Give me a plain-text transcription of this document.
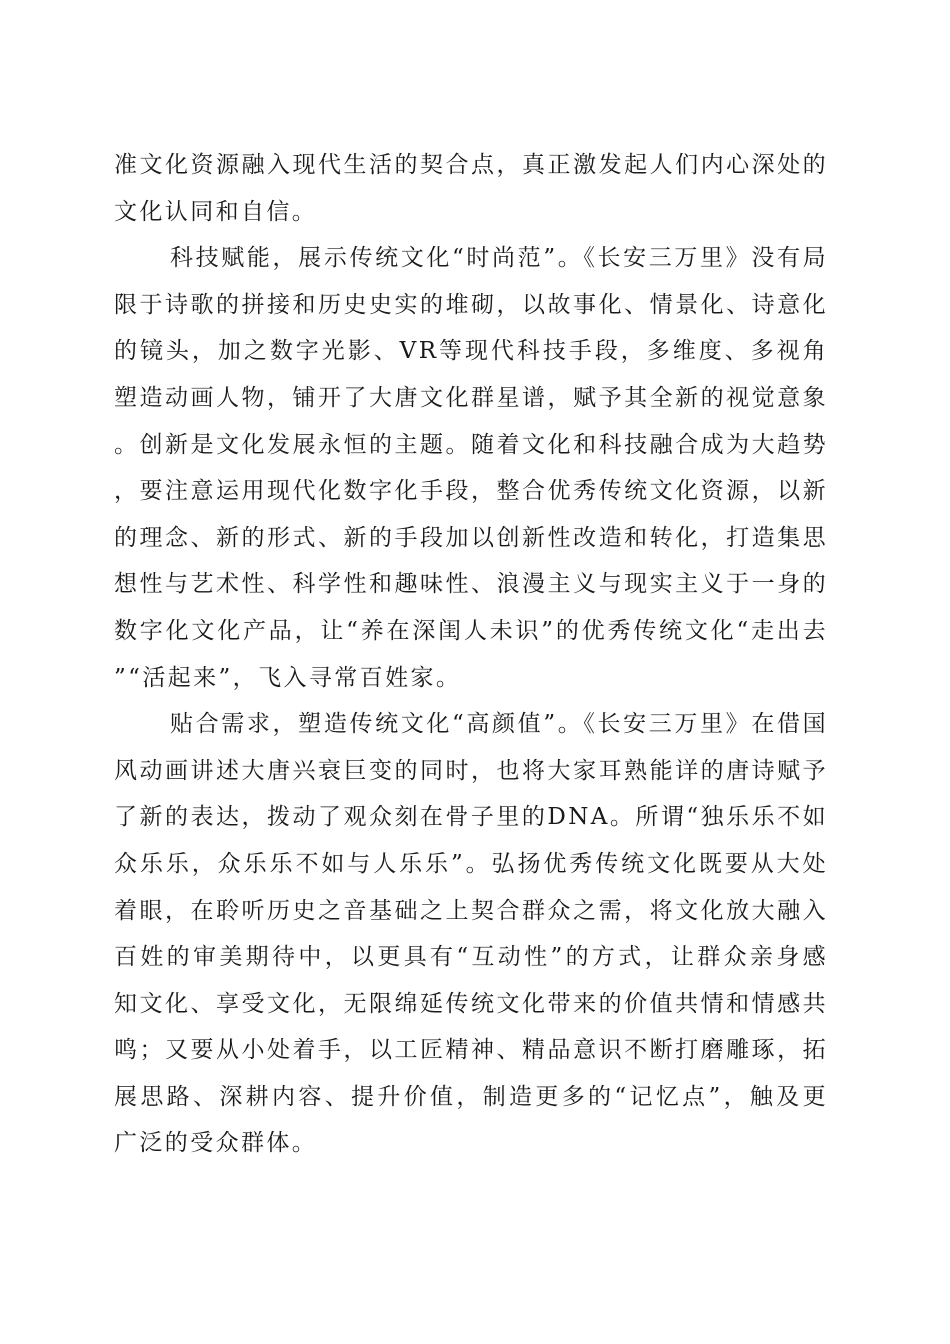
准文化资源融入现代生活的契合点，真正激发起人们内心深处的文化认同和自信。

科技赋能，展示传统文化“时尚范”。《长安三万里》没有局限于诗歌的拼接和历史史实的堆砌，以故事化、情景化、诗意化的镜头，加之数字光影、VR等现代科技手段，多维度、多视角塑造动画人物，铺开了大唐文化群星谱，赋予其全新的视觉意象。创新是文化发展永恒的主题。随着文化和科技融合成为大趋势，要注意运用现代化数字化手段，整合优秀传统文化资源，以新的理念、新的形式、新的手段加以创新性改造和转化，打造集思想性与艺术性、科学性和趣味性、浪漫主义与现实主义于一身的数字化文化产品，让“养在深闺人未识”的优秀传统文化“走出去”“活起来”，飞入寻常百姓家。

贴合需求，塑造传统文化“高颜值”。《长安三万里》在借国风动画讲述大唐兴衰巨变的同时，也将大家耳熟能详的唐诗赋予了新的表达，拨动了观众刻在骨子里的DNA。所谓“独乐乐不如众乐乐，众乐乐不如与人乐乐”。弘扬优秀传统文化既要从大处着眼，在聆听历史之音基础之上契合群众之需，将文化放大融入百姓的审美期待中，以更具有“互动性”的方式，让群众亲身感知文化、享受文化，无限绵延传统文化带来的价值共情和情感共鸣；又要从小处着手，以工匠精神、精品意识不断打磨雕琢，拓展思路、深耕内容、提升价值，制造更多的“记忆点”，触及更广泛的受众群体。
